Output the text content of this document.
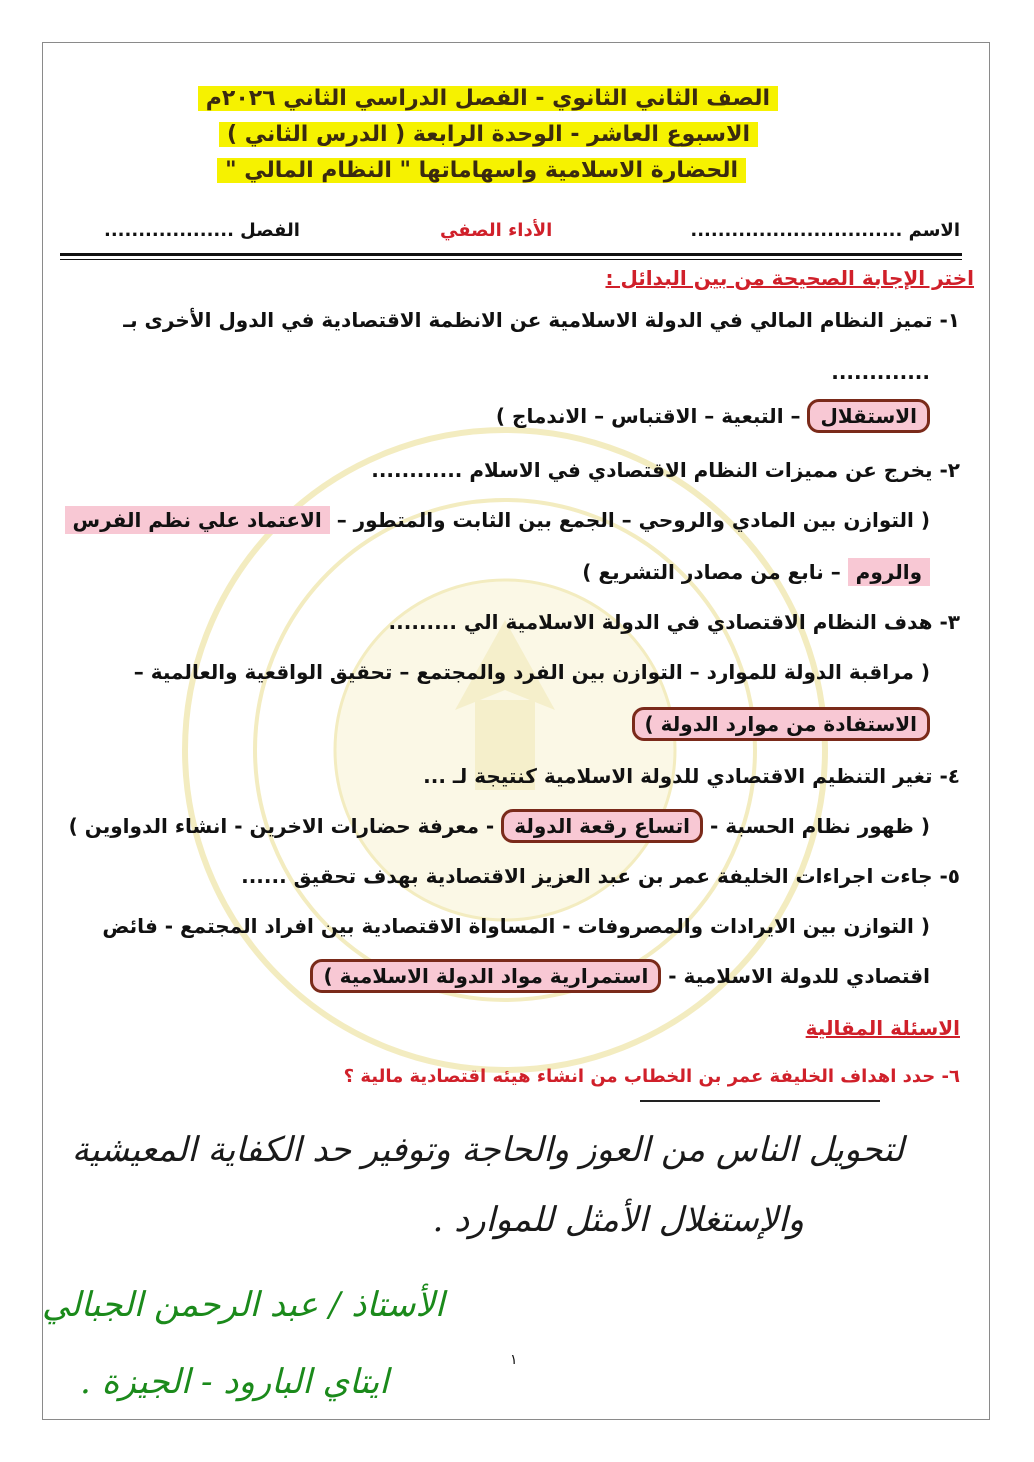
الصف الثاني الثانوي - الفصل الدراسي الثاني ٢٠٢٦م
الاسبوع العاشر - الوحدة الرابعة ( الدرس الثاني )
الحضارة الاسلامية واسهاماتها " النظام المالي "
الاسم ...............................
الأداء الصفي
الفصل ...................
اختر الإجابة الصحيحة من بين البدائل :
١- تميز النظام المالي في الدولة الاسلامية عن الانظمة الاقتصادية في الدول الأخرى بـ
.............
الاستقلال – التبعية – الاقتباس – الاندماج )
٢- يخرج عن مميزات النظام الاقتصادي في الاسلام ............
( التوازن بين المادي والروحي – الجمع بين الثابت والمتطور – الاعتماد علي نظم الفرس
والروم – نابع من مصادر التشريع )
٣- هدف النظام الاقتصادي في الدولة الاسلامية الي .........
( مراقبة الدولة للموارد – التوازن بين الفرد والمجتمع – تحقيق الواقعية والعالمية –
الاستفادة من موارد الدولة )
٤- تغير التنظيم الاقتصادي للدولة الاسلامية كنتيجة لـ ...
( ظهور نظام الحسبة - اتساع رقعة الدولة - معرفة حضارات الاخرين - انشاء الدواوين )
٥- جاءت اجراءات الخليفة عمر بن عبد العزيز الاقتصادية بهدف تحقيق ......
( التوازن بين الايرادات والمصروفات - المساواة الاقتصادية بين افراد المجتمع - فائض
اقتصادي للدولة الاسلامية - استمرارية مواد الدولة الاسلامية )
الاسئلة المقالية
٦- حدد اهداف الخليفة عمر بن الخطاب من انشاء هيئه اقتصادية مالية ؟
لتحويل الناس من العوز والحاجة وتوفير حد الكفاية المعيشية
والإستغلال الأمثل للموارد .
الأستاذ / عبد الرحمن الجبالي
ايتاي البارود - الجيزة .
١
